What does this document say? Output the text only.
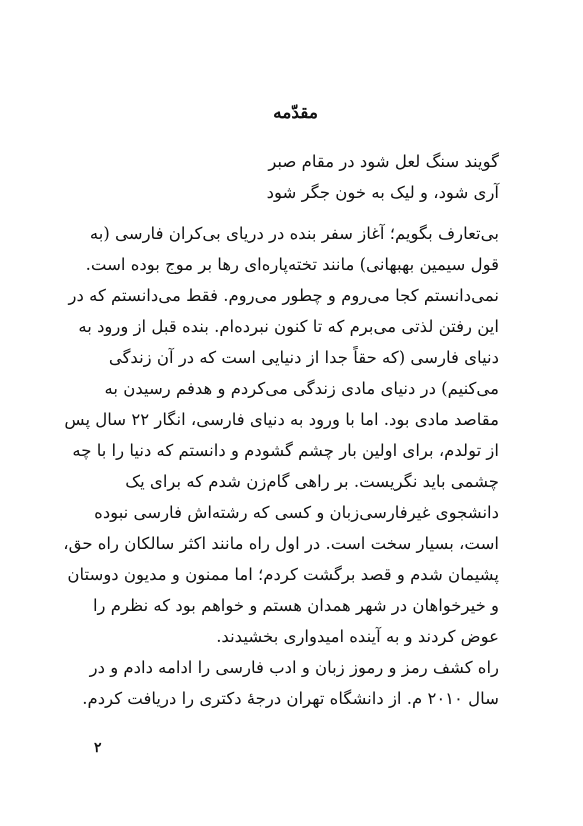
مقدّمه
گویند سنگ لعل شود در مقام صبر
آری شود، و لیک به خون جگر شود
بی‌تعارف بگویم؛ آغاز سفر بنده در دریای بی‌کران فارسی (به
قول سیمین بهبهانی) مانند تخته‌پاره‌ای رها بر موج بوده است.
نمی‌دانستم کجا می‌روم و چطور می‌روم. فقط می‌دانستم که در
این رفتن لذتی می‌برم که تا کنون نبرده‌ام. بنده قبل از ورود به
دنیای فارسی (که حقاً جدا از دنیایی است که در آن زندگی
می‌کنیم) در دنیای مادی زندگی می‌کردم و هدفم رسیدن به
مقاصد مادی بود. اما با ورود به دنیای فارسی، انگار ۲۲ سال پس
از تولدم، برای اولین بار چشم گشودم و دانستم که دنیا را با چه
چشمی باید نگریست. بر راهی گام‌زن شدم که برای یک
دانشجوی غیرفارسی‌زبان و کسی که رشته‌اش فارسی نبوده
است، بسیار سخت است. در اول راه مانند اکثر سالکان راه حق،
پشیمان شدم و قصد برگشت کردم؛ اما ممنون و مدیون دوستان
و خیرخواهان در شهر همدان هستم و خواهم بود که نظرم را
عوض کردند و به آینده امیدواری بخشیدند.
راه کشف رمز و رموز زبان و ادب فارسی را ادامه دادم و در
سال ۲۰۱۰ م. از دانشگاه تهران درجهٔ دکتری را دریافت کردم.
۲
